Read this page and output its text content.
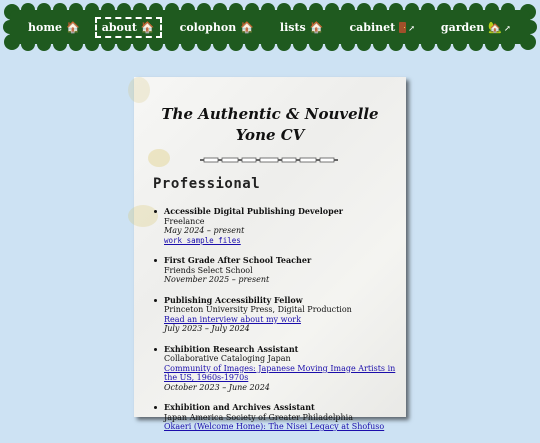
home 🏠 about 🏠 colophon 🏠 lists 🏠 cabinet ↗ garden 🏡 ↗
The Authentic & Nouvelle
Yone CV
Professional
Accessible Digital Publishing Developer
Freelance
May 2024 – present
work sample files
First Grade After School Teacher
Friends Select School
November 2025 – present
Publishing Accessibility Fellow
Princeton University Press, Digital Production
Read an interview about my work
July 2023 – July 2024
Exhibition Research Assistant
Collaborative Cataloging Japan
Community of Images: Japanese Moving Image Artists in the US, 1960s-1970s
October 2023 – June 2024
Exhibition and Archives Assistant
Japan America Society of Greater Philadelphia
Okaeri (Welcome Home): The Nisei Legacy at Shofuso
